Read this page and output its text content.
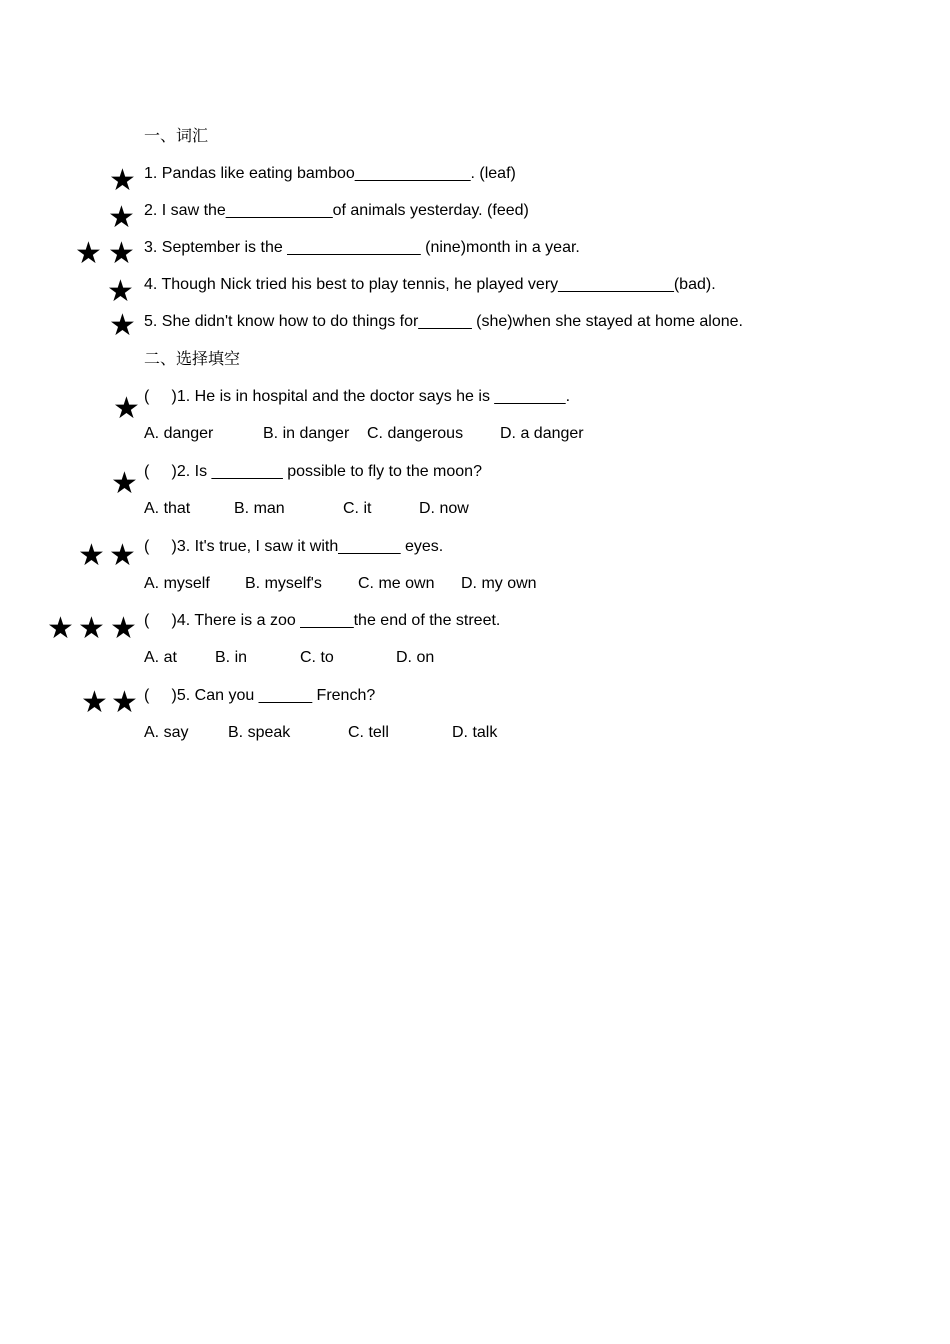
一、词汇
★ 1. Pandas like eating bamboo_____________. (leaf)
★ 2. I saw the____________of animals yesterday. (feed)
★ ★ 3. September is the _______________ (nine)month in a year.
★ 4. Though Nick tried his best to play tennis, he played very_____________(bad).
★ 5. She didn't know how to do things for______ (she)when she stayed at home alone.
二、选择填空
★ (     )1. He is in hospital and the doctor says he is ________.
A. danger	B. in danger C. dangerous D. a danger
★ (     )2. Is ________ possible to fly to the moon?
A. that	B. man	C. it	D. now
★ ★ (     )3. It's true, I saw it with_______ eyes.
A. myself B. myself's C. me own D. my own
★ ★ ★ (     )4. There is a zoo ______the end of the street.
A. at B. in	C. to	D. on
★ ★ (     )5. Can you ______ French?
A. say B. speak	C. tell	D. talk
